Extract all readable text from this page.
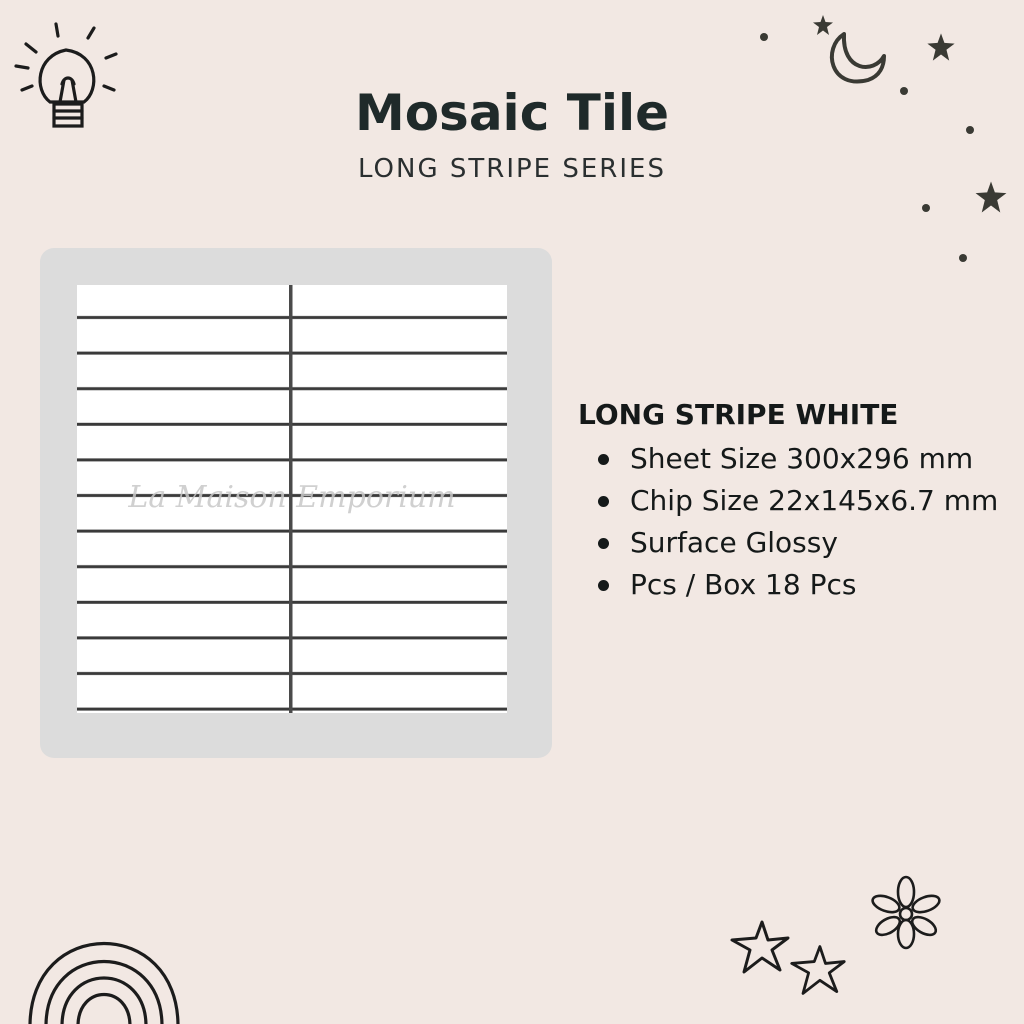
Mosaic Tile
LONG STRIPE SERIES
La Maison Emporium
LONG STRIPE WHITE
Sheet Size 300x296 mm
Chip Size 22x145x6.7 mm
Surface Glossy
Pcs / Box 18 Pcs
